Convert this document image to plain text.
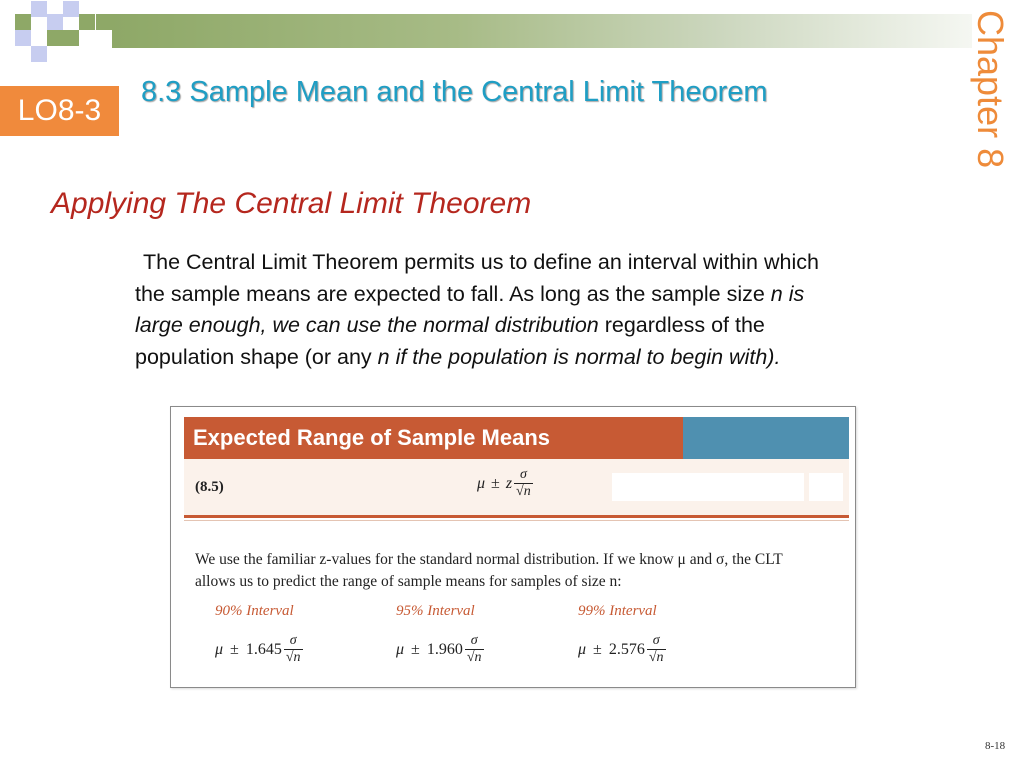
LO8-3
8.3 Sample Mean and the Central Limit Theorem	Chapter 8
Applying The Central Limit Theorem
The Central Limit Theorem permits us to define an interval within which
the sample means are expected to fall. As long as the sample size n is
large enough, we can use the normal distribution regardless of the
population shape (or any n if the population is normal to begin with).
Expected Range of Sample Means
(8.5)	μ ± z $\frac{\sigma}{√n}$
We use the familiar z-values for the standard normal distribution. If we know μ and σ, the CLT
allows us to predict the range of sample means for samples of size n:
90% Interval	95% Interval	99% Interval
$\mu \pm 1.645 \frac{\sigma}{√n}$	$\mu \pm 1.960 \frac{\sigma}{√n}$	$\mu \pm 2.576 \frac{\sigma}{√n}$
8-18
